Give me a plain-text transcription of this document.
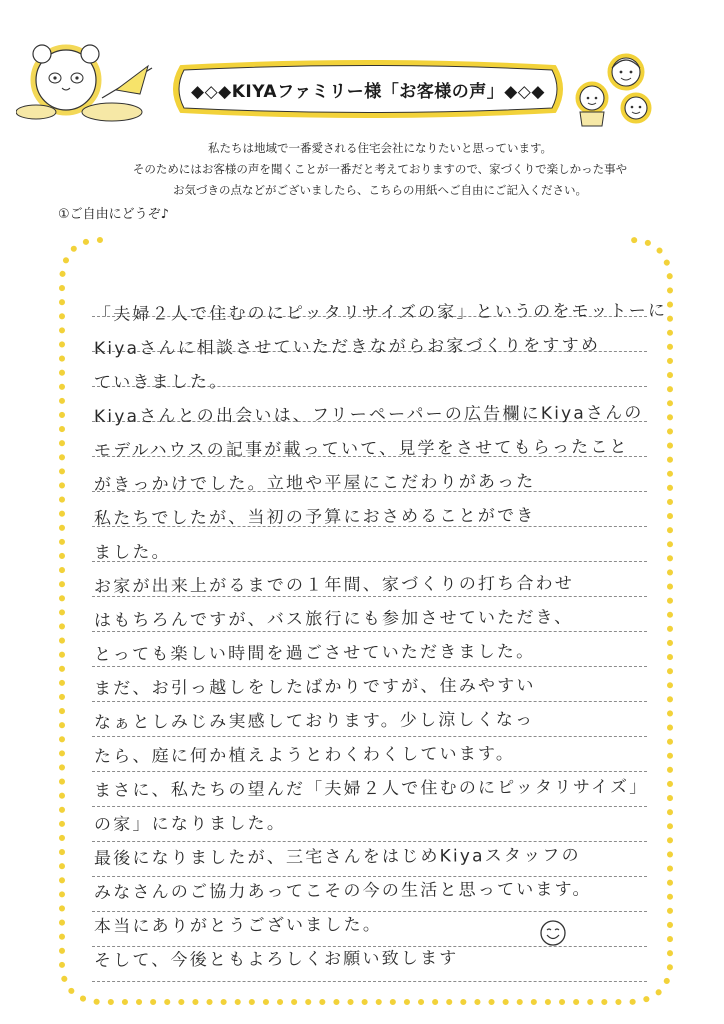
◆◇◆KIYAファミリー様「お客様の声」◆◇◆
私たちは地域で一番愛される住宅会社になりたいと思っています。
そのためにはお客様の声を聞くことが一番だと考えておりますので、家づくりで楽しかった事や
お気づきの点などがございましたら、こちらの用紙へご自由にご記入ください。
①ご自由にどうぞ♪
「夫婦２人で住むのにピッタリサイズの家」というのをモットーに
Kiyaさんに相談させていただきながらお家づくりをすすめ
ていきました。
Kiyaさんとの出会いは、フリーペーパーの広告欄にKiyaさんの
モデルハウスの記事が載っていて、見学をさせてもらったこと
がきっかけでした。立地や平屋にこだわりがあった
私たちでしたが、当初の予算におさめることができ
ました。
お家が出来上がるまでの１年間、家づくりの打ち合わせ
はもちろんですが、バス旅行にも参加させていただき、
とっても楽しい時間を過ごさせていただきました。
まだ、お引っ越しをしたばかりですが、住みやすい
なぁとしみじみ実感しております。少し涼しくなっ
たら、庭に何か植えようとわくわくしています。
まさに、私たちの望んだ「夫婦２人で住むのにピッタリサイズ」
の家」になりました。
最後になりましたが、三宅さんをはじめKiyaスタッフの
みなさんのご協力あってこその今の生活と思っています。
本当にありがとうございました。
そして、今後ともよろしくお願い致します
